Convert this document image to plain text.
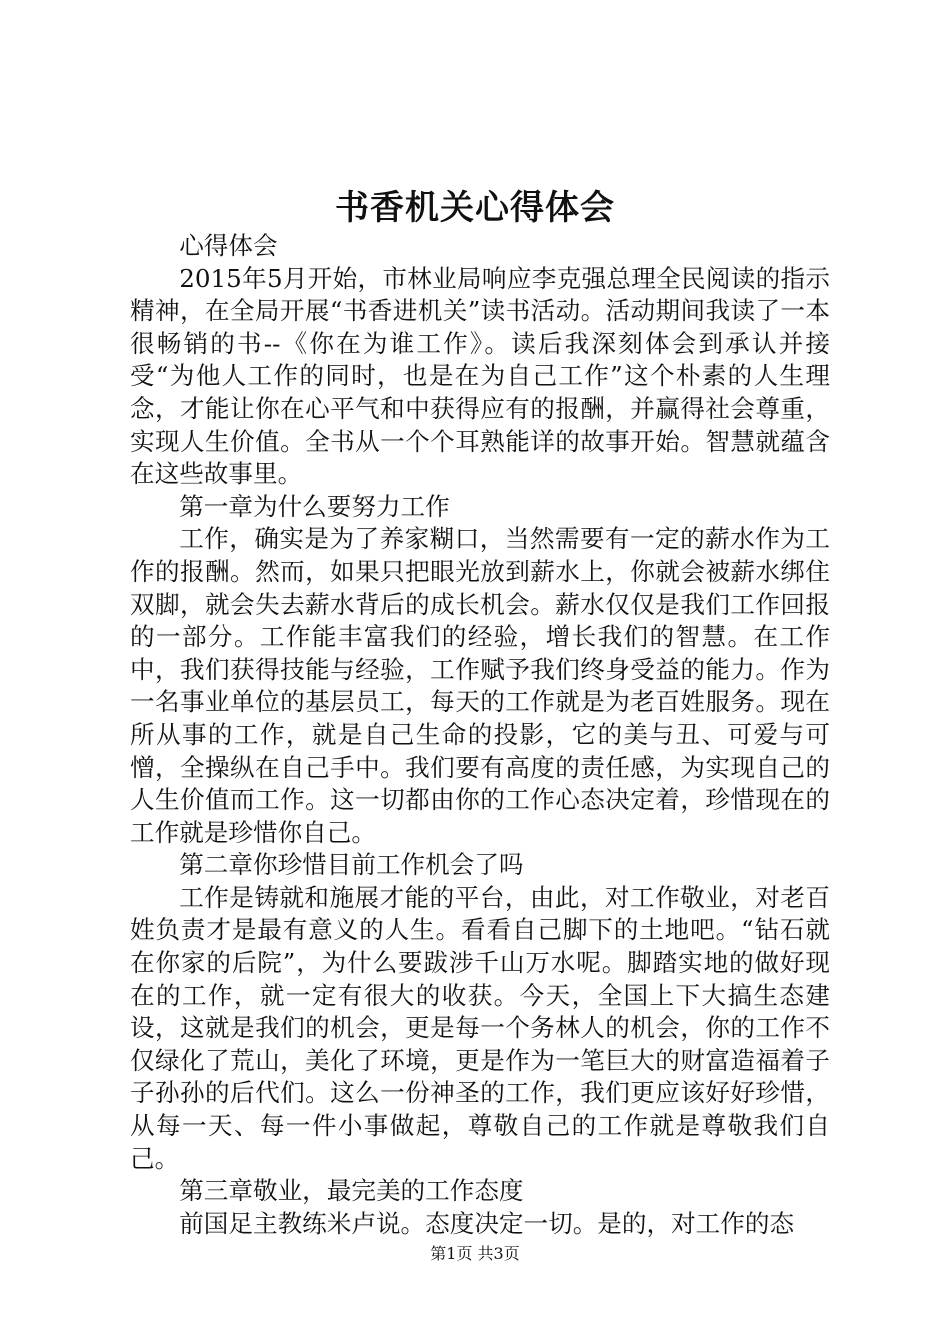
书香机关心得体会

心得体会

2015年5月开始，市林业局响应李克强总理全民阅读的指示精神，在全局开展“书香进机关”读书活动。活动期间我读了一本很畅销的书--《你在为谁工作》。读后我深刻体会到承认并接受“为他人工作的同时，也是在为自己工作”这个朴素的人生理念，才能让你在心平气和中获得应有的报酬，并赢得社会尊重，实现人生价值。全书从一个个耳熟能详的故事开始。智慧就蕴含在这些故事里。

第一章为什么要努力工作

工作，确实是为了养家糊口，当然需要有一定的薪水作为工作的报酬。然而，如果只把眼光放到薪水上，你就会被薪水绑住双脚，就会失去薪水背后的成长机会。薪水仅仅是我们工作回报的一部分。工作能丰富我们的经验，增长我们的智慧。在工作中，我们获得技能与经验，工作赋予我们终身受益的能力。作为一名事业单位的基层员工，每天的工作就是为老百姓服务。现在所从事的工作，就是自己生命的投影，它的美与丑、可爱与可憎，全操纵在自己手中。我们要有高度的责任感，为实现自己的人生价值而工作。这一切都由你的工作心态决定着，珍惜现在的工作就是珍惜你自己。

第二章你珍惜目前工作机会了吗

工作是铸就和施展才能的平台，由此，对工作敬业，对老百姓负责才是最有意义的人生。看看自己脚下的土地吧。“钻石就在你家的后院”，为什么要跋涉千山万水呢。脚踏实地的做好现在的工作，就一定有很大的收获。今天，全国上下大搞生态建设，这就是我们的机会，更是每一个务林人的机会，你的工作不仅绿化了荒山，美化了环境，更是作为一笔巨大的财富造福着子子孙孙的后代们。这么一份神圣的工作，我们更应该好好珍惜，从每一天、每一件小事做起，尊敬自己的工作就是尊敬我们自己。

第三章敬业，最完美的工作态度

前国足主教练米卢说。态度决定一切。是的，对工作的态

第1页 共3页
